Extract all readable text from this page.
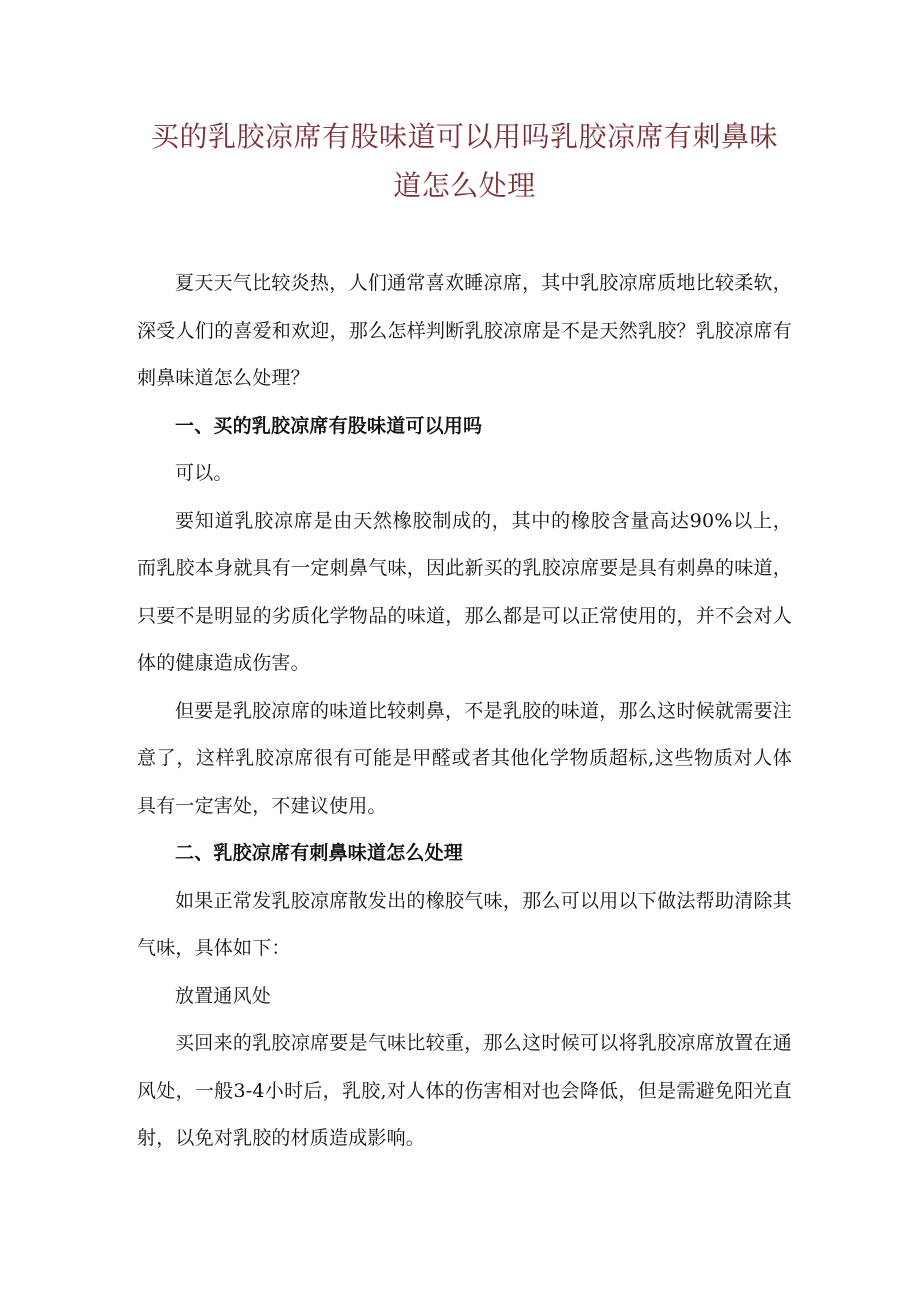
买的乳胶凉席有股味道可以用吗乳胶凉席有刺鼻味道怎么处理

夏天天气比较炎热，人们通常喜欢睡凉席，其中乳胶凉席质地比较柔软，深受人们的喜爱和欢迎，那么怎样判断乳胶凉席是不是天然乳胶？乳胶凉席有刺鼻味道怎么处理？

一、买的乳胶凉席有股味道可以用吗

可以。

要知道乳胶凉席是由天然橡胶制成的，其中的橡胶含量高达90%以上，而乳胶本身就具有一定刺鼻气味，因此新买的乳胶凉席要是具有刺鼻的味道，只要不是明显的劣质化学物品的味道，那么都是可以正常使用的，并不会对人体的健康造成伤害。

但要是乳胶凉席的味道比较刺鼻，不是乳胶的味道，那么这时候就需要注意了，这样乳胶凉席很有可能是甲醛或者其他化学物质超标,这些物质对人体具有一定害处，不建议使用。

二、乳胶凉席有刺鼻味道怎么处理

如果正常发乳胶凉席散发出的橡胶气味，那么可以用以下做法帮助清除其气味，具体如下：

放置通风处

买回来的乳胶凉席要是气味比较重，那么这时候可以将乳胶凉席放置在通风处，一般3-4小时后，乳胶,对人体的伤害相对也会降低，但是需避免阳光直射，以免对乳胶的材质造成影响。
